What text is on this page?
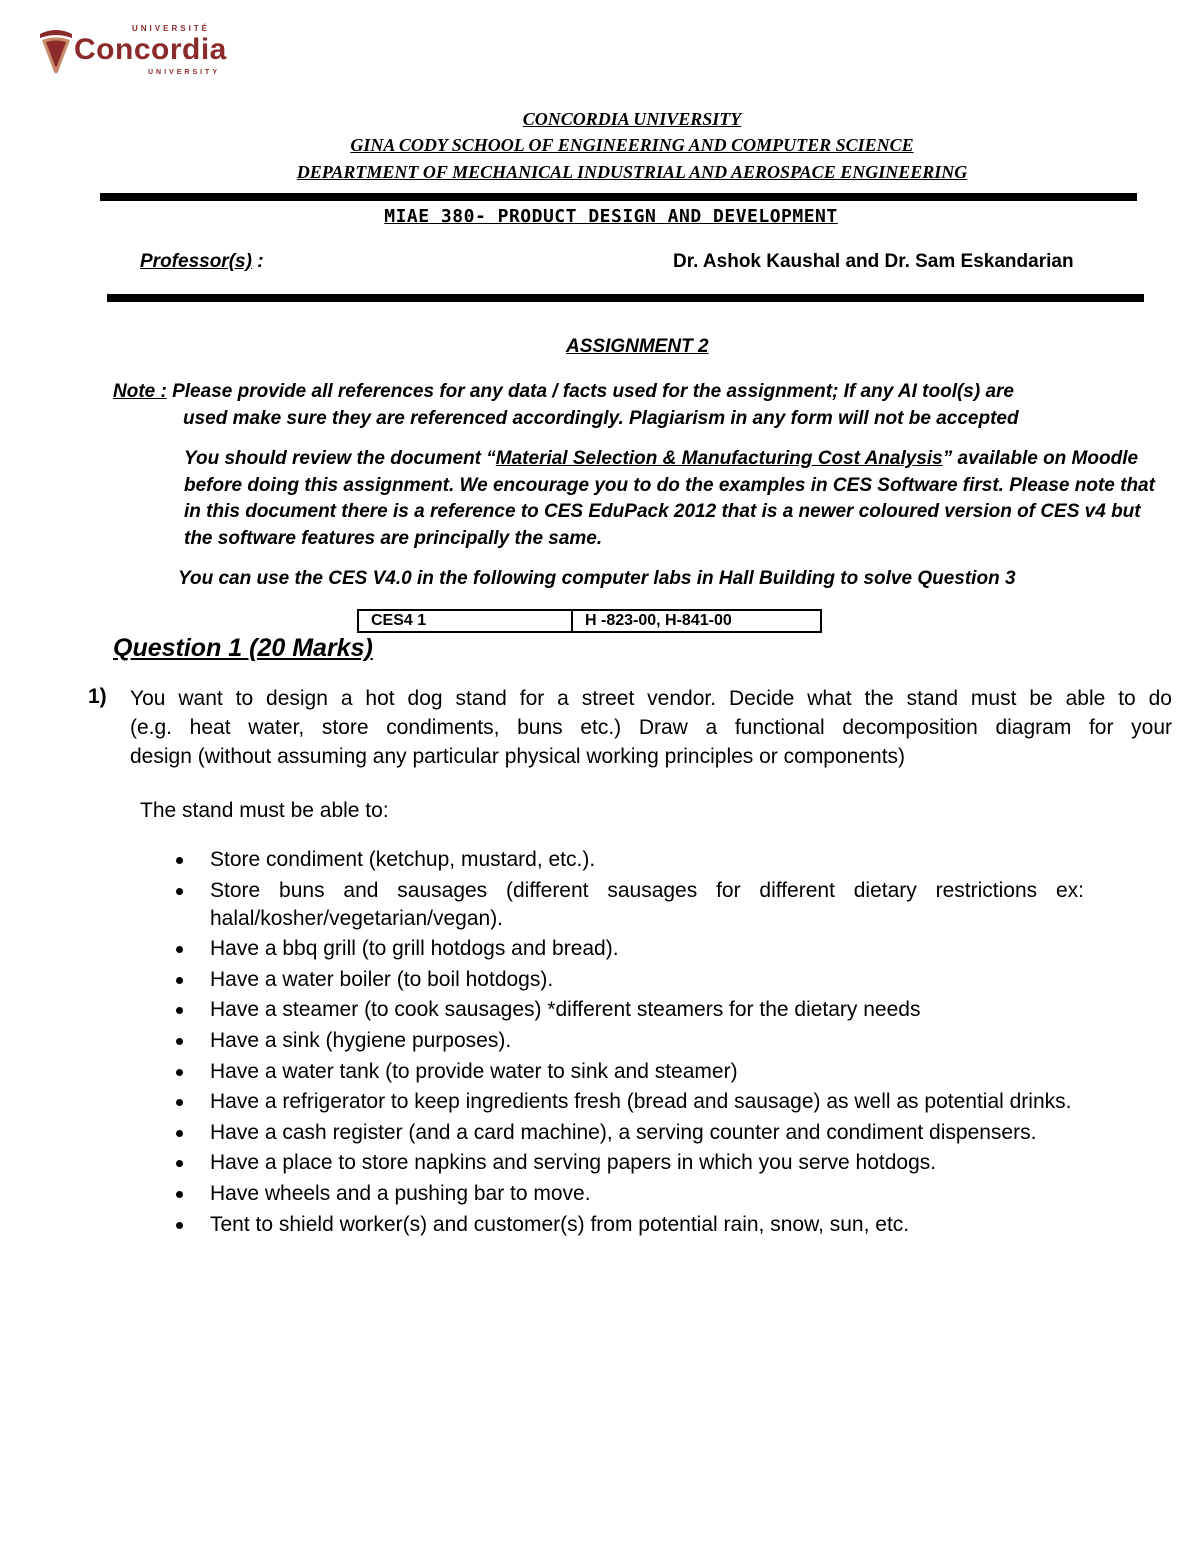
UNIVERSITÉ
Concordia
UNIVERSITY
CONCORDIA UNIVERSITY
GINA CODY SCHOOL OF ENGINEERING AND COMPUTER SCIENCE
DEPARTMENT OF MECHANICAL INDUSTRIAL AND AEROSPACE ENGINEERING
MIAE 380- PRODUCT DESIGN AND DEVELOPMENT
Professor(s) :	Dr. Ashok Kaushal and Dr. Sam Eskandarian
ASSIGNMENT 2
Note : Please provide all references for any data / facts used for the assignment; If any AI tool(s) are
used make sure they are referenced accordingly. Plagiarism in any form will not be accepted
You should review the document “Material Selection & Manufacturing Cost Analysis” available on Moodle before doing this assignment. We encourage you to do the examples in CES Software first. Please note that in this document there is a reference to CES EduPack 2012 that is a newer coloured version of CES v4 but the software features are principally the same.
You can use the CES V4.0 in the following computer labs in Hall Building to solve Question 3
CES4 1	H -823-00, H-841-00
Question 1 (20 Marks)
1) You want to design a hot dog stand for a street vendor. Decide what the stand must be able to do
(e.g. heat water, store condiments, buns etc.) Draw a functional decomposition diagram for your
design (without assuming any particular physical working principles or components)
The stand must be able to:
Store condiment (ketchup, mustard, etc.).
Store buns and sausages (different sausages for different dietary restrictions ex: halal/kosher/vegetarian/vegan).
Have a bbq grill (to grill hotdogs and bread).
Have a water boiler (to boil hotdogs).
Have a steamer (to cook sausages) *different steamers for the dietary needs
Have a sink (hygiene purposes).
Have a water tank (to provide water to sink and steamer)
Have a refrigerator to keep ingredients fresh (bread and sausage) as well as potential drinks.
Have a cash register (and a card machine), a serving counter and condiment dispensers.
Have a place to store napkins and serving papers in which you serve hotdogs.
Have wheels and a pushing bar to move.
Tent to shield worker(s) and customer(s) from potential rain, snow, sun, etc.
